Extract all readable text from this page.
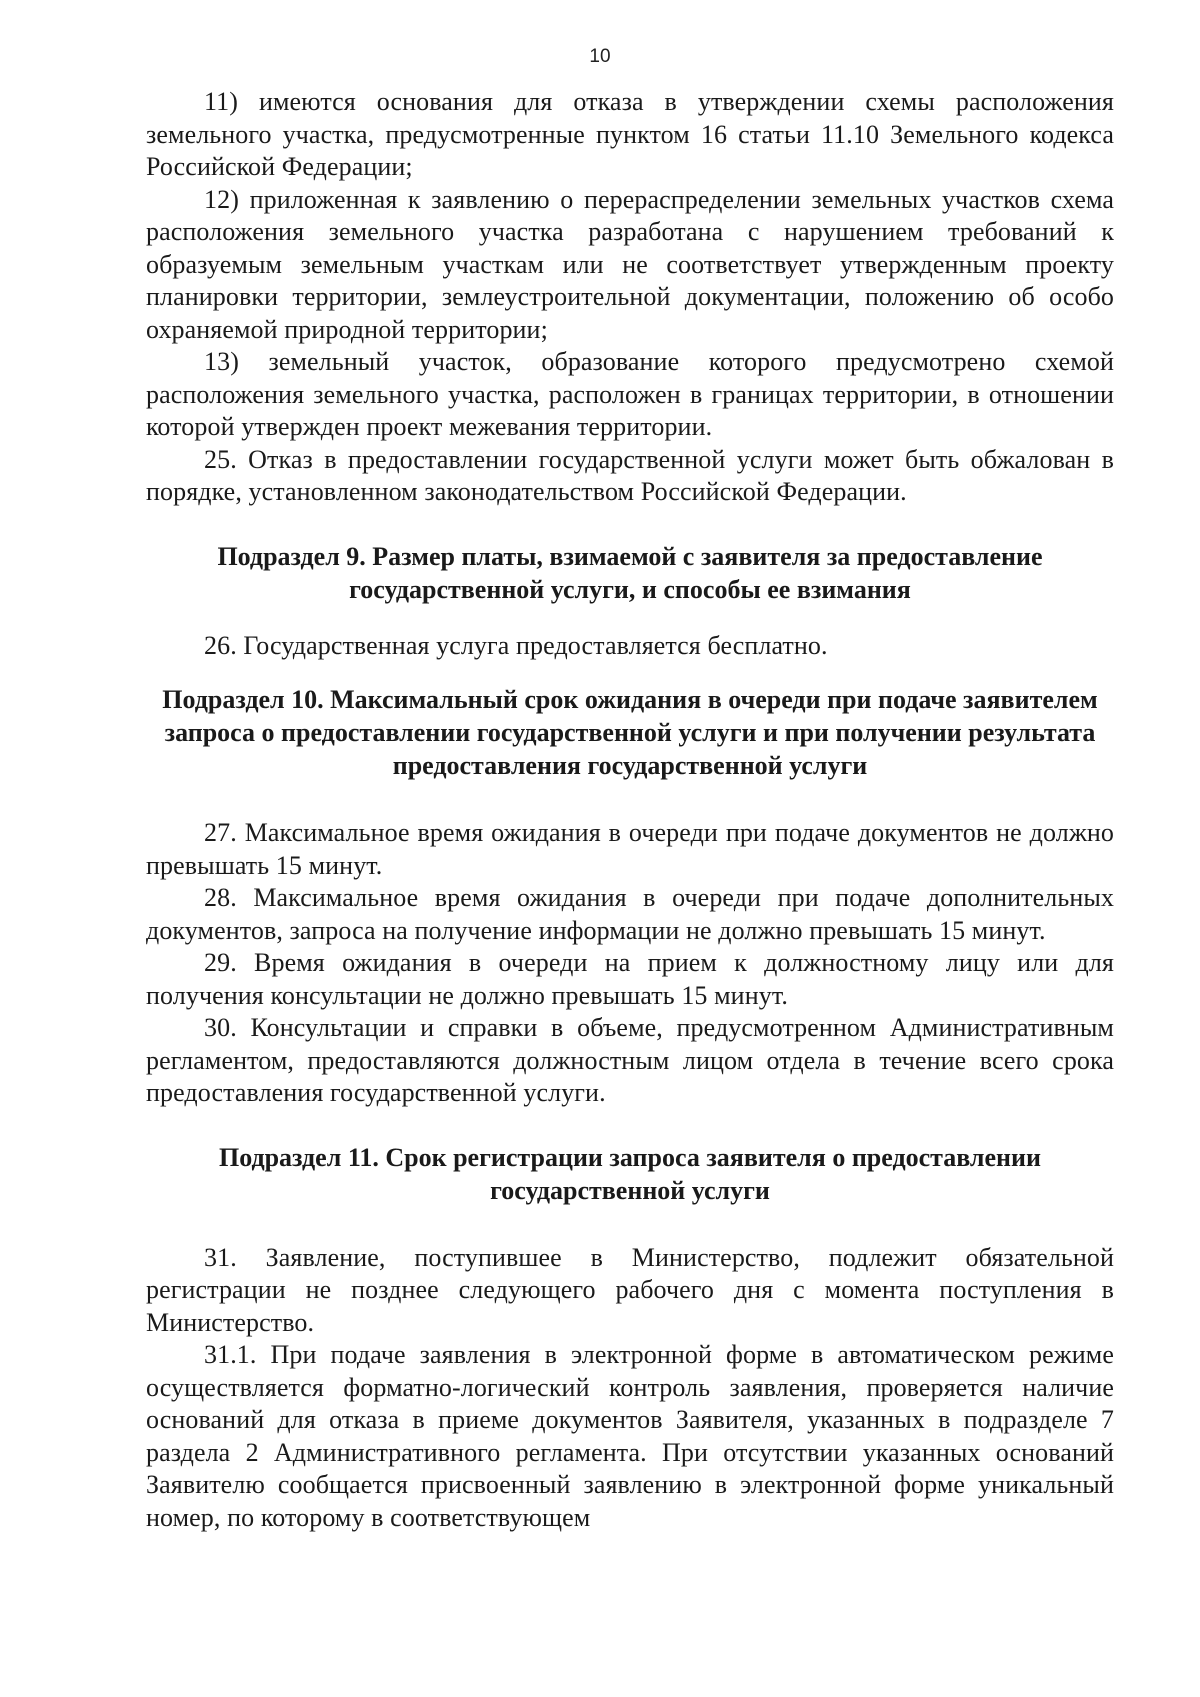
10

11) имеются основания для отказа в утверждении схемы расположения земельного участка, предусмотренные пунктом 16 статьи 11.10 Земельного кодекса Российской Федерации;

12) приложенная к заявлению о перераспределении земельных участков схема расположения земельного участка разработана с нарушением требований к образуемым земельным участкам или не соответствует утвержденным проекту планировки территории, землеустроительной документации, положению об особо охраняемой природной территории;

13) земельный участок, образование которого предусмотрено схемой расположения земельного участка, расположен в границах территории, в отношении которой утвержден проект межевания территории.

25. Отказ в предоставлении государственной услуги может быть обжалован в порядке, установленном законодательством Российской Федерации.

Подраздел 9. Размер платы, взимаемой с заявителя за предоставление государственной услуги, и способы ее взимания

26. Государственная услуга предоставляется бесплатно.

Подраздел 10. Максимальный срок ожидания в очереди при подаче заявителем запроса о предоставлении государственной услуги и при получении результата предоставления государственной услуги

27. Максимальное время ожидания в очереди при подаче документов не должно превышать 15 минут.

28. Максимальное время ожидания в очереди при подаче дополнительных документов, запроса на получение информации не должно превышать 15 минут.

29. Время ожидания в очереди на прием к должностному лицу или для получения консультации не должно превышать 15 минут.

30. Консультации и справки в объеме, предусмотренном Административным регламентом, предоставляются должностным лицом отдела в течение всего срока предоставления государственной услуги.

Подраздел 11. Срок регистрации запроса заявителя о предоставлении государственной услуги

31. Заявление, поступившее в Министерство, подлежит обязательной регистрации не позднее следующего рабочего дня с момента поступления в Министерство.

31.1. При подаче заявления в электронной форме в автоматическом режиме осуществляется форматно-логический контроль заявления, проверяется наличие оснований для отказа в приеме документов Заявителя, указанных в подразделе 7 раздела 2 Административного регламента. При отсутствии указанных оснований Заявителю сообщается присвоенный заявлению в электронной форме уникальный номер, по которому в соответствующем
